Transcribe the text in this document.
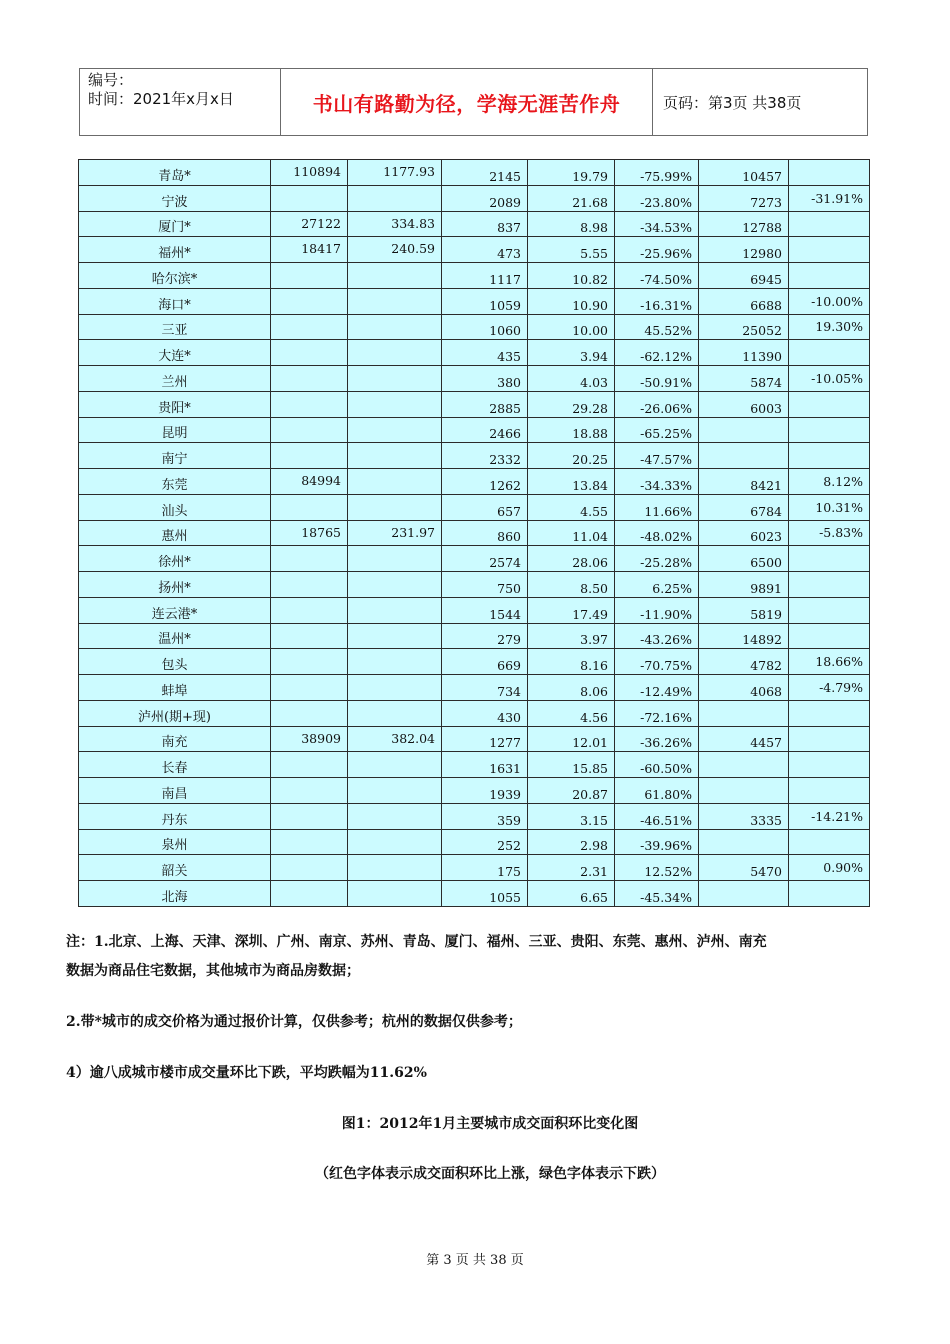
编号：
时间：2021年x月x日	书山有路勤为径，学海无涯苦作舟	页码：第3页 共38页
青岛*	110894	1177.93	2145	19.79	-75.99%	10457	
宁波			2089	21.68	-23.80%	7273	-31.91%
厦门*	27122	334.83	837	8.98	-34.53%	12788	
福州*	18417	240.59	473	5.55	-25.96%	12980	
哈尔滨*			1117	10.82	-74.50%	6945	
海口*			1059	10.90	-16.31%	6688	-10.00%
三亚			1060	10.00	45.52%	25052	19.30%
大连*			435	3.94	-62.12%	11390	
兰州			380	4.03	-50.91%	5874	-10.05%
贵阳*			2885	29.28	-26.06%	6003	
昆明			2466	18.88	-65.25%		
南宁			2332	20.25	-47.57%		
东莞	84994		1262	13.84	-34.33%	8421	8.12%
汕头			657	4.55	11.66%	6784	10.31%
惠州	18765	231.97	860	11.04	-48.02%	6023	-5.83%
徐州*			2574	28.06	-25.28%	6500	
扬州*			750	8.50	6.25%	9891	
连云港*			1544	17.49	-11.90%	5819	
温州*			279	3.97	-43.26%	14892	
包头			669	8.16	-70.75%	4782	18.66%
蚌埠			734	8.06	-12.49%	4068	-4.79%
泸州(期+现)			430	4.56	-72.16%		
南充	38909	382.04	1277	12.01	-36.26%	4457	
长春			1631	15.85	-60.50%		
南昌			1939	20.87	61.80%		
丹东			359	3.15	-46.51%	3335	-14.21%
泉州			252	2.98	-39.96%		
韶关			175	2.31	12.52%	5470	0.90%
北海			1055	6.65	-45.34%		
注：1.北京、上海、天津、深圳、广州、南京、苏州、青岛、厦门、福州、三亚、贵阳、东莞、惠州、泸州、南充
数据为商品住宅数据，其他城市为商品房数据；
2.带*城市的成交价格为通过报价计算，仅供参考；杭州的数据仅供参考；
4）逾八成城市楼市成交量环比下跌，平均跌幅为11.62%
图1：2012年1月主要城市成交面积环比变化图
（红色字体表示成交面积环比上涨，绿色字体表示下跌）
第 3 页 共 38 页
